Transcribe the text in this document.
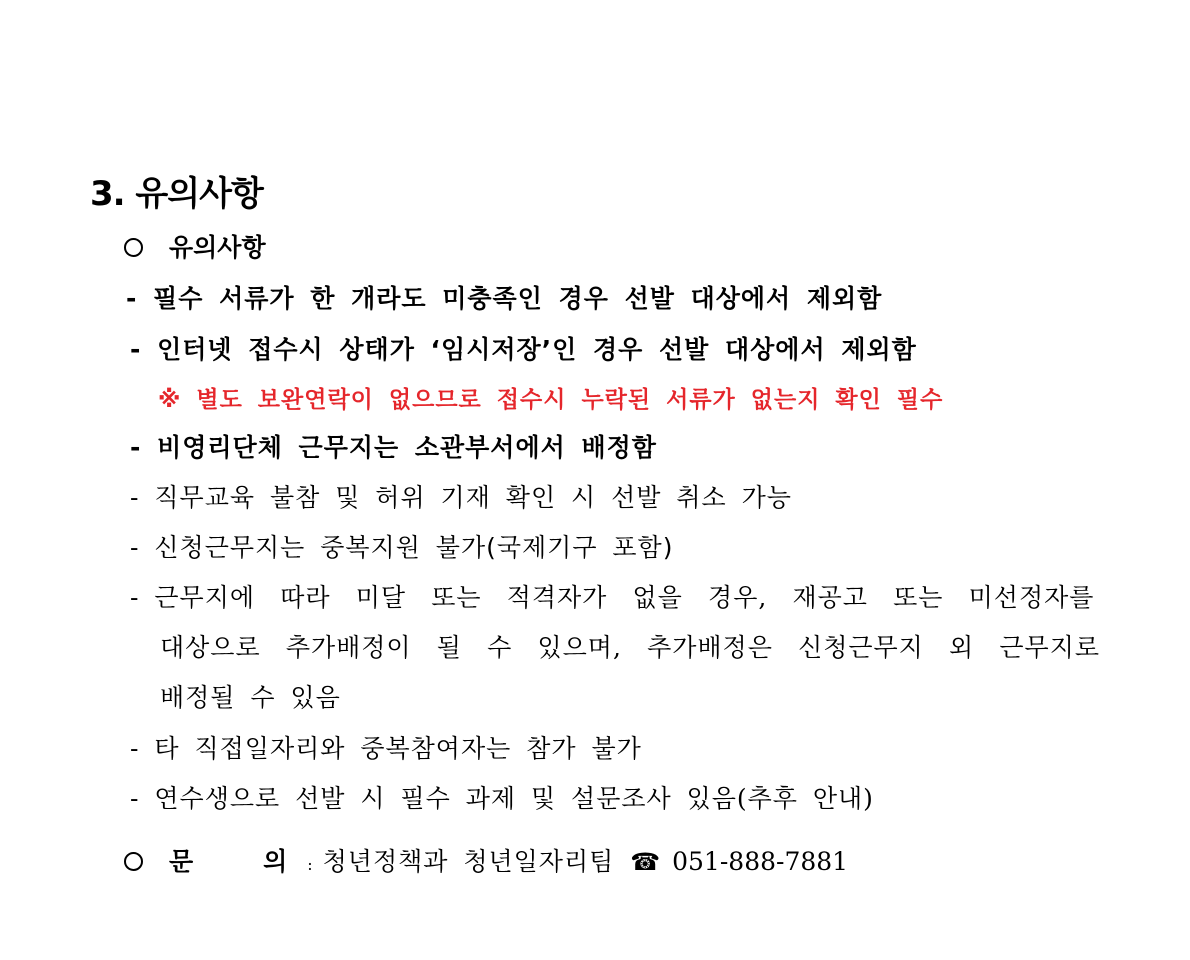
3. 유의사항
유의사항
- 필수 서류가 한 개라도 미충족인 경우 선발 대상에서 제외함
- 인터넷 접수시 상태가 ‘임시저장’인 경우 선발 대상에서 제외함
※ 별도 보완연락이 없으므로 접수시 누락된 서류가 없는지 확인 필수
- 비영리단체 근무지는 소관부서에서 배정함
- 직무교육 불참 및 허위 기재 확인 시 선발 취소 가능
- 신청근무지는 중복지원 불가(국제기구 포함)
- 근무지에 따라 미달 또는 적격자가 없을 경우, 재공고 또는 미선정자를
대상으로 추가배정이 될 수 있으며, 추가배정은 신청근무지 외 근무지로
배정될 수 있음
- 타 직접일자리와 중복참여자는 참가 불가
- 연수생으로 선발 시 필수 과제 및 설문조사 있음(추후 안내)
문	의 : 청년정책과 청년일자리팀 ☎ 051-888-7881
